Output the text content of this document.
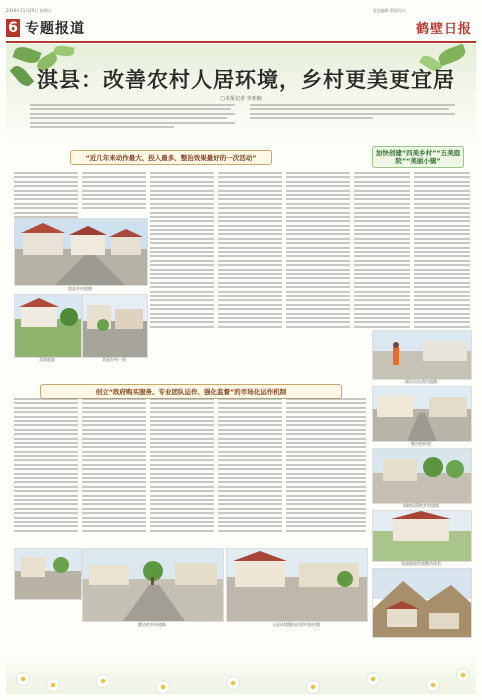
2019年11月29日 星期五	责任编辑 版面设计
6 专题报道	鹤壁日报
淇县：改善农村人居环境，乡村更美更宜居
□本报记者 李亚楠
“近几年来动作最大、投入最多、整治效果最好的一次活动”
加快创建“四美乡村”“五美庭院”“美丽小镇”
淇县乡村道路
美丽庭院	美丽乡村一角
保洁员在清扫道路
整洁的街道
绿树成荫的乡村道路
美丽庭院环境整洁优美
创立“政府购买服务、专业团队运作、强化监督”的市场化运作机制
整洁的乡村道路	人居环境整治后的村容村貌
